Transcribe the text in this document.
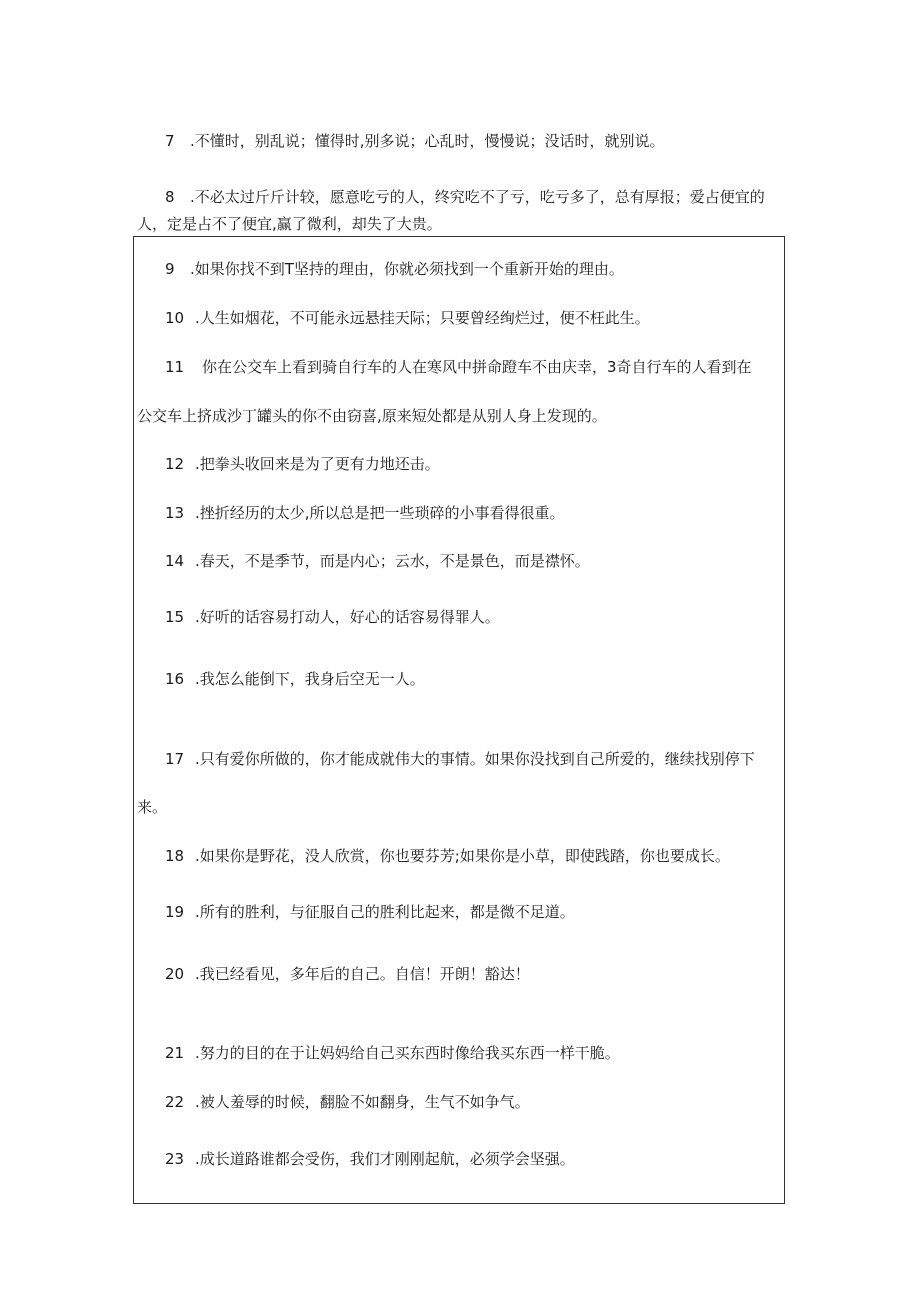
7 .不懂时，别乱说；懂得时,别多说；心乱时，慢慢说；没话时，就别说。
8 .不必太过斤斤计较，愿意吃亏的人，终究吃不了亏，吃亏多了，总有厚报；爱占便宜的
人，定是占不了便宜,赢了微利，却失了大贵。
9 .如果你找不到T坚持的理由，你就必须找到一个重新开始的理由。
10 .人生如烟花，不可能永远悬挂天际；只要曾经绚烂过，便不枉此生。
11 你在公交车上看到骑自行车的人在寒风中拼命蹬车不由庆幸，3奇自行车的人看到在
公交车上挤成沙丁罐头的你不由窃喜,原来短处都是从别人身上发现的。
12 .把拳头收回来是为了更有力地还击。
13 .挫折经历的太少,所以总是把一些琐碎的小事看得很重。
14 .春天，不是季节，而是内心；云水，不是景色，而是襟怀。
15 .好听的话容易打动人，好心的话容易得罪人。
16 .我怎么能倒下，我身后空无一人。
17 .只有爱你所做的，你才能成就伟大的事情。如果你没找到自己所爱的，继续找别停下
来。
18 .如果你是野花，没人欣赏，你也要芬芳;如果你是小草，即使践踏，你也要成长。
19 .所有的胜利，与征服自己的胜利比起来，都是微不足道。
20 .我已经看见，多年后的自己。自信！开朗！豁达！
21 .努力的目的在于让妈妈给自己买东西时像给我买东西一样干脆。
22 .被人羞辱的时候，翻脸不如翻身，生气不如争气。
23 .成长道路谁都会受伤，我们才刚刚起航，必须学会坚强。
